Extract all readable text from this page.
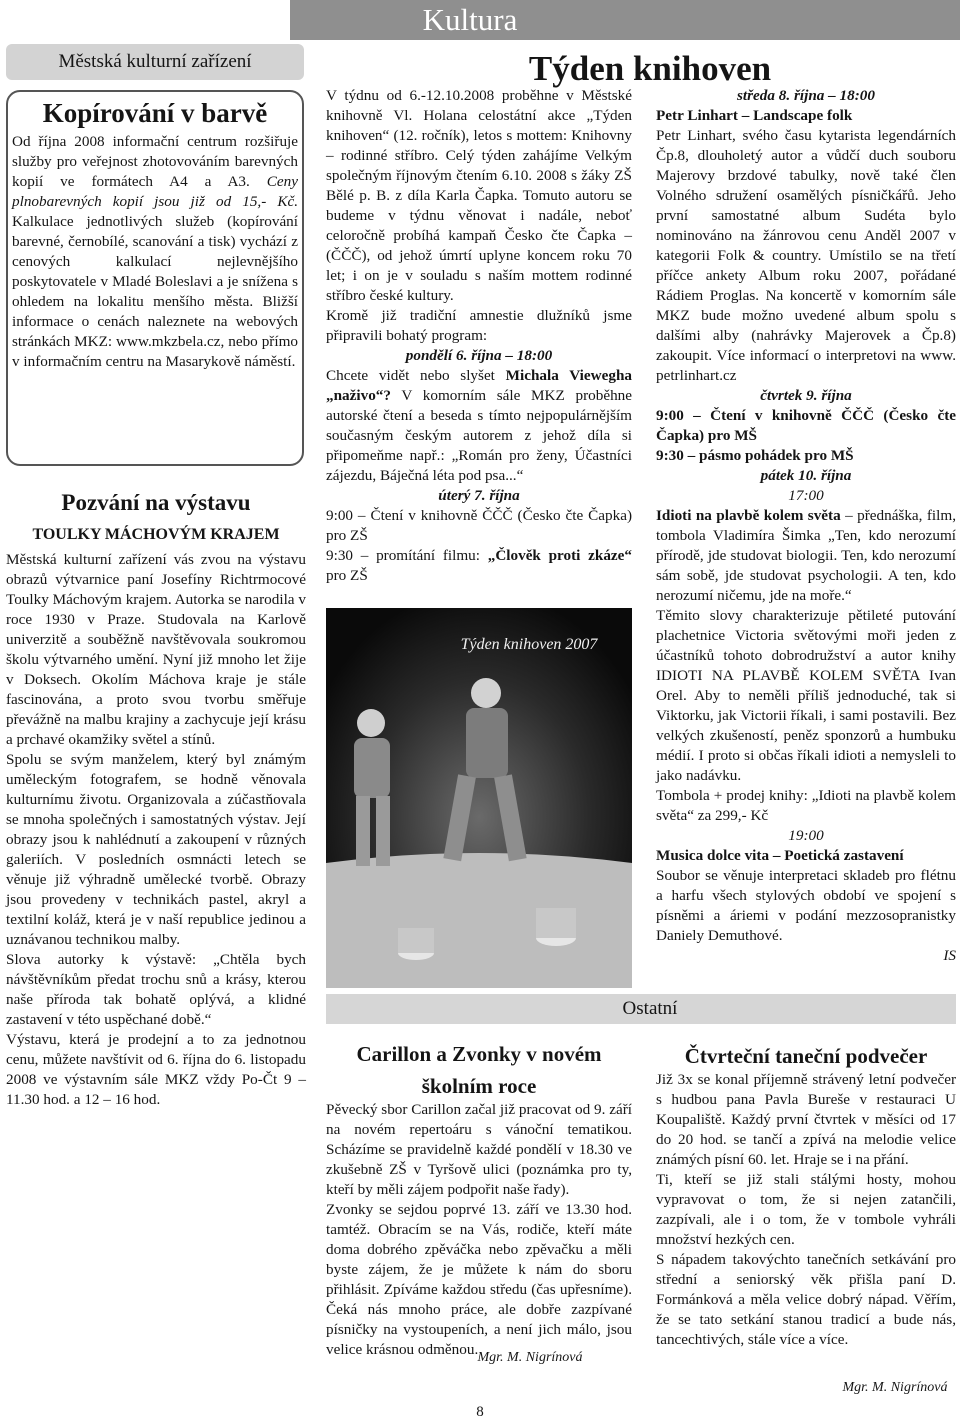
Kultura
Městská kulturní zařízení
Kopírování v barvě
Od října 2008 informační centrum rozšiřuje služby pro veřejnost zhotovováním barevných kopií ve formátech A4 a A3. Ceny plnobarevných kopií jsou již od 15,- Kč. Kalkulace jednotlivých služeb (kopírování barevné, černobílé, scanování a tisk) vychází z cenových kalkulací nejlevnějšího poskytovatele v Mladé Boleslavi a je snížena s ohledem na lokalitu menšího města. Bližší informace o cenách naleznete na webových stránkách MKZ: www.mkzbela.cz, nebo přímo v informačním centru na Masarykově náměstí.
Pozvání na výstavu
TOULKY MÁCHOVÝM KRAJEM

Městská kulturní zařízení vás zvou na výstavu obrazů výtvarnice paní Josefíny Richtrmocové Toulky Máchovým krajem. Autorka se narodila v roce 1930 v Praze. Studovala na Karlově univerzitě a souběžně navštěvovala soukromou školu výtvarného umění. Nyní již mnoho let žije v Doksech. Okolím Máchova kraje je stále fascinována, a proto svou tvorbu směřuje převážně na malbu krajiny a zachycuje její krásu a prchavé okamžiky světel a stínů.

Spolu se svým manželem, který byl známým uměleckým fotografem, se hodně věnovala kulturnímu životu. Organizovala a zúčastňovala se mnoha společných i samostatných výstav. Její obrazy jsou k nahlédnutí a zakoupení v různých galeriích. V posledních osmnácti letech se věnuje již výhradně umělecké tvorbě. Obrazy jsou provedeny v technikách pastel, akryl a textilní koláž, která je v naší republice jedinou a uznávanou technikou malby.

Slova autorky k výstavě: „Chtěla bych návštěvníkům předat trochu snů a krásy, kterou naše příroda tak bohatě oplývá, a klidné zastavení v této uspěchané době.“

Výstavu, která je prodejní a to za jednotnou cenu, můžete navštívit od 6. října do 6. listopadu 2008 ve výstavním sále MKZ vždy Po-Čt 9 – 11.30 hod. a 12 – 16 hod.

Týden knihoven

V týdnu od 6.-12.10.2008 proběhne v Městské knihovně Vl. Holana celostátní akce „Týden knihoven“ (12. ročník), letos s mottem: Knihovny – rodinné stříbro. Celý týden zahájíme Velkým společným říjnovým čtením 6.10. 2008 s žáky ZŠ Bělé p. B. z díla Karla Čapka. Tomuto autoru se budeme v týdnu věnovat i nadále, neboť celoročně probíhá kampaň Česko čte Čapka – (ČČČ), od jehož úmrtí uplyne koncem roku 70 let; i on je v souladu s naším mottem rodinné stříbro české kultury.

Kromě již tradiční amnestie dlužníků jsme připravili bohatý program:

pondělí 6. října – 18:00

Chcete vidět nebo slyšet Michala Viewegha „naživo“? V komorním sále MKZ proběhne autorské čtení a beseda s tímto nejpopulárnějším současným českým autorem z jehož díla si připomeňme např.: „Román pro ženy, Účastníci zájezdu, Báječná léta pod psa...“

úterý 7. října

9:00 – Čtení v knihovně ČČČ (Česko čte Čapka) pro ZŠ

9:30 – promítání filmu: „Člověk proti zkáze“ pro ZŠ

Týden knihoven 2007

středa 8. října – 18:00

Petr Linhart – Landscape folk

Petr Linhart, svého času kytarista legendárních Čp.8, dlouholetý autor a vůdčí duch souboru Majerovy brzdové tabulky, nově také člen Volného sdružení osamělých písničkářů. Jeho první samostatné album Sudéta bylo nominováno na žánrovou cenu Anděl 2007 v kategorii Folk & country. Umístilo se na třetí příčce ankety Album roku 2007, pořádané Rádiem Proglas. Na koncertě v komorním sále MKZ bude možno uvedené album spolu s dalšími alby (nahrávky Majerovek a Čp.8) zakoupit. Více informací o interpretovi na www. petrlinhart.cz

čtvrtek 9. října

9:00 – Čtení v knihovně ČČČ (Česko čte Čapka) pro MŠ

9:30 – pásmo pohádek pro MŠ

pátek 10. října

17:00

Idioti na plavbě kolem světa – přednáška, film, tombola Vladimíra Šimka „Ten, kdo nerozumí přírodě, jde studovat biologii. Ten, kdo nerozumí sám sobě, jde studovat psychologii. A ten, kdo nerozumí ničemu, jde na moře.“

Těmito slovy charakterizuje pětileté putování plachetnice Victoria světovými moři jeden z účastníků tohoto dobrodružství a autor knihy IDIOTI NA PLAVBĚ KOLEM SVĚTA Ivan Orel. Aby to neměli příliš jednoduché, tak si Viktorku, jak Victorii říkali, i sami postavili. Bez velkých zkušeností, peněz sponzorů a humbuku médií. I proto si občas říkali idioti a nemysleli to jako nadávku.

Tombola + prodej knihy: „Idioti na plavbě kolem světa“ za 299,- Kč

19:00

Musica dolce vita – Poetická zastavení

Soubor se věnuje interpretaci skladeb pro flétnu a harfu všech stylových období ve spojení s písněmi a áriemi v podání mezzosopranistky Daniely Demuthové.

IS

Ostatní
Carillon a Zvonky v novém školním roce

Pěvecký sbor Carillon začal již pracovat od 9. září na novém repertoáru s vánoční tematikou. Scházíme se pravidelně každé pondělí v 18.30 ve zkušebně ZŠ v Tyršově ulici (poznámka pro ty, kteří by měli zájem podpořit naše řady).

Zvonky se sejdou poprvé 13. září ve 13.30 hod. tamtéž. Obracím se na Vás, rodiče, kteří máte doma dobrého zpěváčka nebo zpěvačku a měli byste zájem, že je můžete k nám do sboru přihlásit. Zpíváme každou středu (čas upřesníme). Čeká nás mnoho práce, ale dobře zazpívané písničky na vystoupeních, a není jich málo, jsou velice krásnou odměnou. Mgr. M. Nigrínová
Čtvrteční taneční podvečer

Již 3x se konal příjemně strávený letní podvečer s hudbou pana Pavla Bureše v restauraci U Koupaliště. Každý první čtvrtek v měsíci od 17 do 20 hod. se tančí a zpívá na melodie velice známých písní 60. let. Hraje se i na přání.

Ti, kteří se již stali stálými hosty, mohou vypravovat o tom, že si nejen zatančili, zazpívali, ale i o tom, že v tombole vyhráli množství hezkých cen.

S nápadem takovýchto tanečních setkávání pro střední a seniorský věk přišla paní D. Formánková a měla velice dobrý nápad. Věřím, že se tato setkání stanou tradicí a bude nás, tancechtivých, stále více a více.

Mgr. M. Nigrínová
8
